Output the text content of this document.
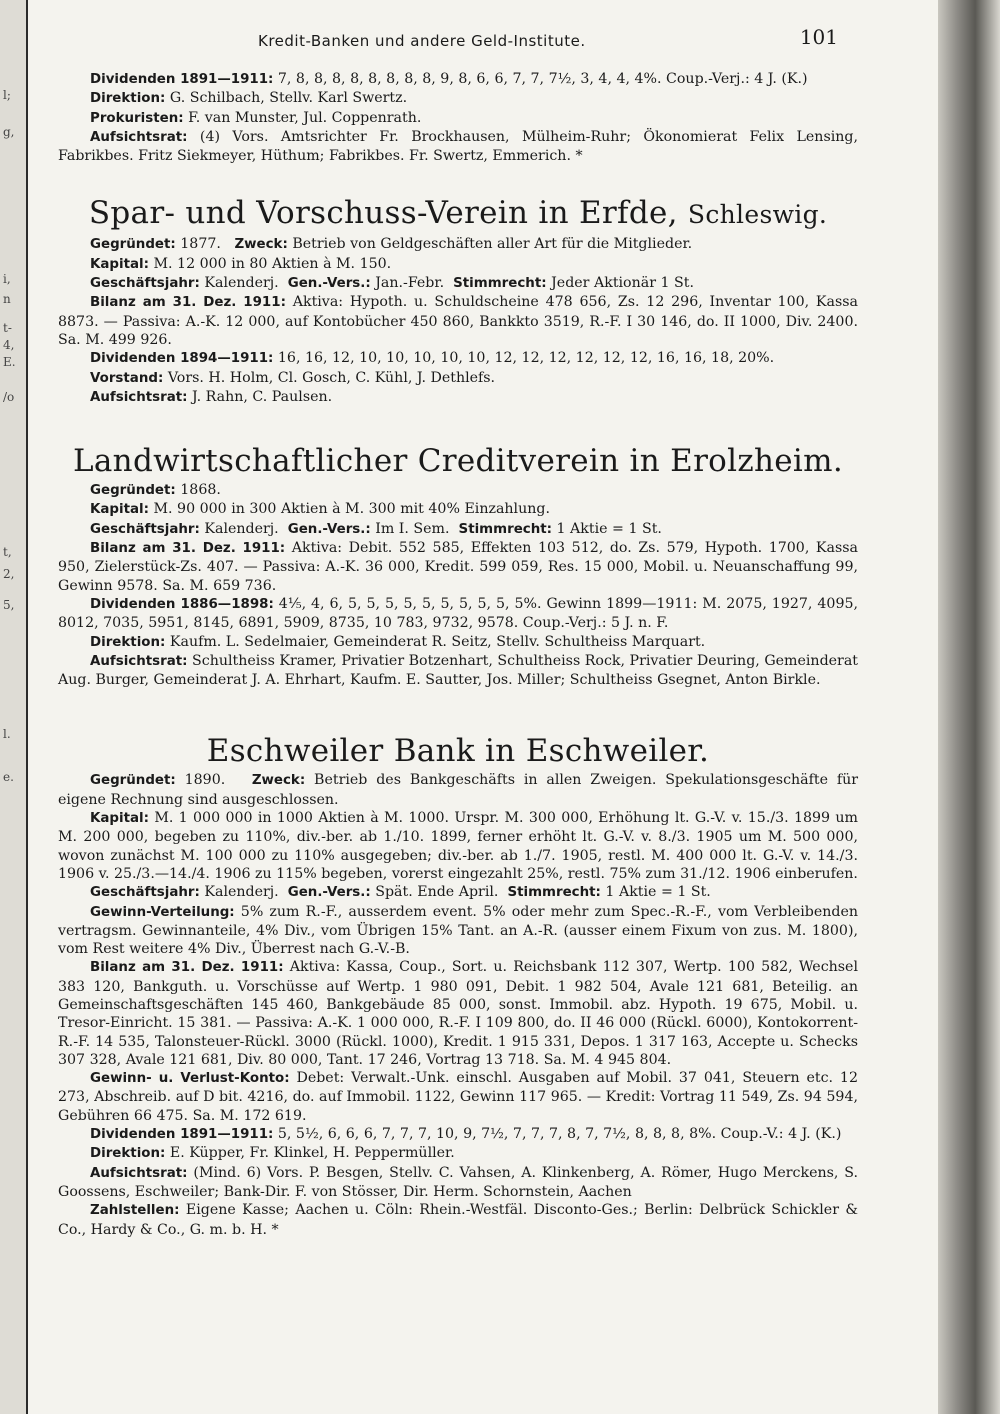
l;
g,
i,
n
t-
4,
E.
/o
t,
2,
5,
l.
e.
Kredit-Banken und andere Geld-Institute.	101

Dividenden 1891—1911: 7, 8, 8, 8, 8, 8, 8, 8, 8, 9, 8, 6, 6, 7, 7, 7½, 3, 4, 4, 4%. Coup.-Verj.: 4 J. (K.)

Direktion: G. Schilbach, Stellv. Karl Swertz.

Prokuristen: F. van Munster, Jul. Coppenrath.

Aufsichtsrat: (4) Vors. Amtsrichter Fr. Brockhausen, Mülheim-Ruhr; Ökonomierat Felix Lensing, Fabrikbes. Fritz Siekmeyer, Hüthum; Fabrikbes. Fr. Swertz, Emmerich. *

Spar- und Vorschuss-Verein in Erfde, Schleswig.

Gegründet: 1877. Zweck: Betrieb von Geldgeschäften aller Art für die Mitglieder.

Kapital: M. 12 000 in 80 Aktien à M. 150.

Geschäftsjahr: Kalenderj. Gen.-Vers.: Jan.-Febr. Stimmrecht: Jeder Aktionär 1 St.

Bilanz am 31. Dez. 1911: Aktiva: Hypoth. u. Schuldscheine 478 656, Zs. 12 296, Inventar 100, Kassa 8873. — Passiva: A.-K. 12 000, auf Kontobücher 450 860, Bankkto 3519, R.-F. I 30 146, do. II 1000, Div. 2400. Sa. M. 499 926.

Dividenden 1894—1911: 16, 16, 12, 10, 10, 10, 10, 10, 12, 12, 12, 12, 12, 12, 16, 16, 18, 20%.

Vorstand: Vors. H. Holm, Cl. Gosch, C. Kühl, J. Dethlefs.

Aufsichtsrat: J. Rahn, C. Paulsen.

Landwirtschaftlicher Creditverein in Erolzheim.

Gegründet: 1868.

Kapital: M. 90 000 in 300 Aktien à M. 300 mit 40% Einzahlung.

Geschäftsjahr: Kalenderj. Gen.-Vers.: Im I. Sem. Stimmrecht: 1 Aktie = 1 St.

Bilanz am 31. Dez. 1911: Aktiva: Debit. 552 585, Effekten 103 512, do. Zs. 579, Hypoth. 1700, Kassa 950, Zielerstück-Zs. 407. — Passiva: A.-K. 36 000, Kredit. 599 059, Res. 15 000, Mobil. u. Neuanschaffung 99, Gewinn 9578. Sa. M. 659 736.

Dividenden 1886—1898: 4⅕, 4, 6, 5, 5, 5, 5, 5, 5, 5, 5, 5, 5%. Gewinn 1899—1911: M. 2075, 1927, 4095, 8012, 7035, 5951, 8145, 6891, 5909, 8735, 10 783, 9732, 9578. Coup.-Verj.: 5 J. n. F.

Direktion: Kaufm. L. Sedelmaier, Gemeinderat R. Seitz, Stellv. Schultheiss Marquart.

Aufsichtsrat: Schultheiss Kramer, Privatier Botzenhart, Schultheiss Rock, Privatier Deuring, Gemeinderat Aug. Burger, Gemeinderat J. A. Ehrhart, Kaufm. E. Sautter, Jos. Miller; Schultheiss Gsegnet, Anton Birkle.

Eschweiler Bank in Eschweiler.

Gegründet: 1890. Zweck: Betrieb des Bankgeschäfts in allen Zweigen. Spekulationsgeschäfte für eigene Rechnung sind ausgeschlossen.

Kapital: M. 1 000 000 in 1000 Aktien à M. 1000. Urspr. M. 300 000, Erhöhung lt. G.-V. v. 15./3. 1899 um M. 200 000, begeben zu 110%, div.-ber. ab 1./10. 1899, ferner erhöht lt. G.-V. v. 8./3. 1905 um M. 500 000, wovon zunächst M. 100 000 zu 110% ausgegeben; div.-ber. ab 1./7. 1905, restl. M. 400 000 lt. G.-V. v. 14./3. 1906 v. 25./3.—14./4. 1906 zu 115% begeben, vorerst eingezahlt 25%, restl. 75% zum 31./12. 1906 einberufen.

Geschäftsjahr: Kalenderj. Gen.-Vers.: Spät. Ende April. Stimmrecht: 1 Aktie = 1 St.

Gewinn-Verteilung: 5% zum R.-F., ausserdem event. 5% oder mehr zum Spec.-R.-F., vom Verbleibenden vertragsm. Gewinnanteile, 4% Div., vom Übrigen 15% Tant. an A.-R. (ausser einem Fixum von zus. M. 1800), vom Rest weitere 4% Div., Überrest nach G.-V.-B.

Bilanz am 31. Dez. 1911: Aktiva: Kassa, Coup., Sort. u. Reichsbank 112 307, Wertp. 100 582, Wechsel 383 120, Bankguth. u. Vorschüsse auf Wertp. 1 980 091, Debit. 1 982 504, Avale 121 681, Beteilig. an Gemeinschaftsgeschäften 145 460, Bankgebäude 85 000, sonst. Immobil. abz. Hypoth. 19 675, Mobil. u. Tresor-Einricht. 15 381. — Passiva: A.-K. 1 000 000, R.-F. I 109 800, do. II 46 000 (Rückl. 6000), Kontokorrent-R.-F. 14 535, Talonsteuer-Rückl. 3000 (Rückl. 1000), Kredit. 1 915 331, Depos. 1 317 163, Accepte u. Schecks 307 328, Avale 121 681, Div. 80 000, Tant. 17 246, Vortrag 13 718. Sa. M. 4 945 804.

Gewinn- u. Verlust-Konto: Debet: Verwalt.-Unk. einschl. Ausgaben auf Mobil. 37 041, Steuern etc. 12 273, Abschreib. auf D bit. 4216, do. auf Immobil. 1122, Gewinn 117 965. — Kredit: Vortrag 11 549, Zs. 94 594, Gebühren 66 475. Sa. M. 172 619.

Dividenden 1891—1911: 5, 5½, 6, 6, 6, 7, 7, 7, 10, 9, 7½, 7, 7, 7, 8, 7, 7½, 8, 8, 8, 8%. Coup.-V.: 4 J. (K.)

Direktion: E. Küpper, Fr. Klinkel, H. Peppermüller.

Aufsichtsrat: (Mind. 6) Vors. P. Besgen, Stellv. C. Vahsen, A. Klinkenberg, A. Römer, Hugo Merckens, S. Goossens, Eschweiler; Bank-Dir. F. von Stösser, Dir. Herm. Schornstein, Aachen

Zahlstellen: Eigene Kasse; Aachen u. Cöln: Rhein.-Westfäl. Disconto-Ges.; Berlin: Delbrück Schickler & Co., Hardy & Co., G. m. b. H. *
